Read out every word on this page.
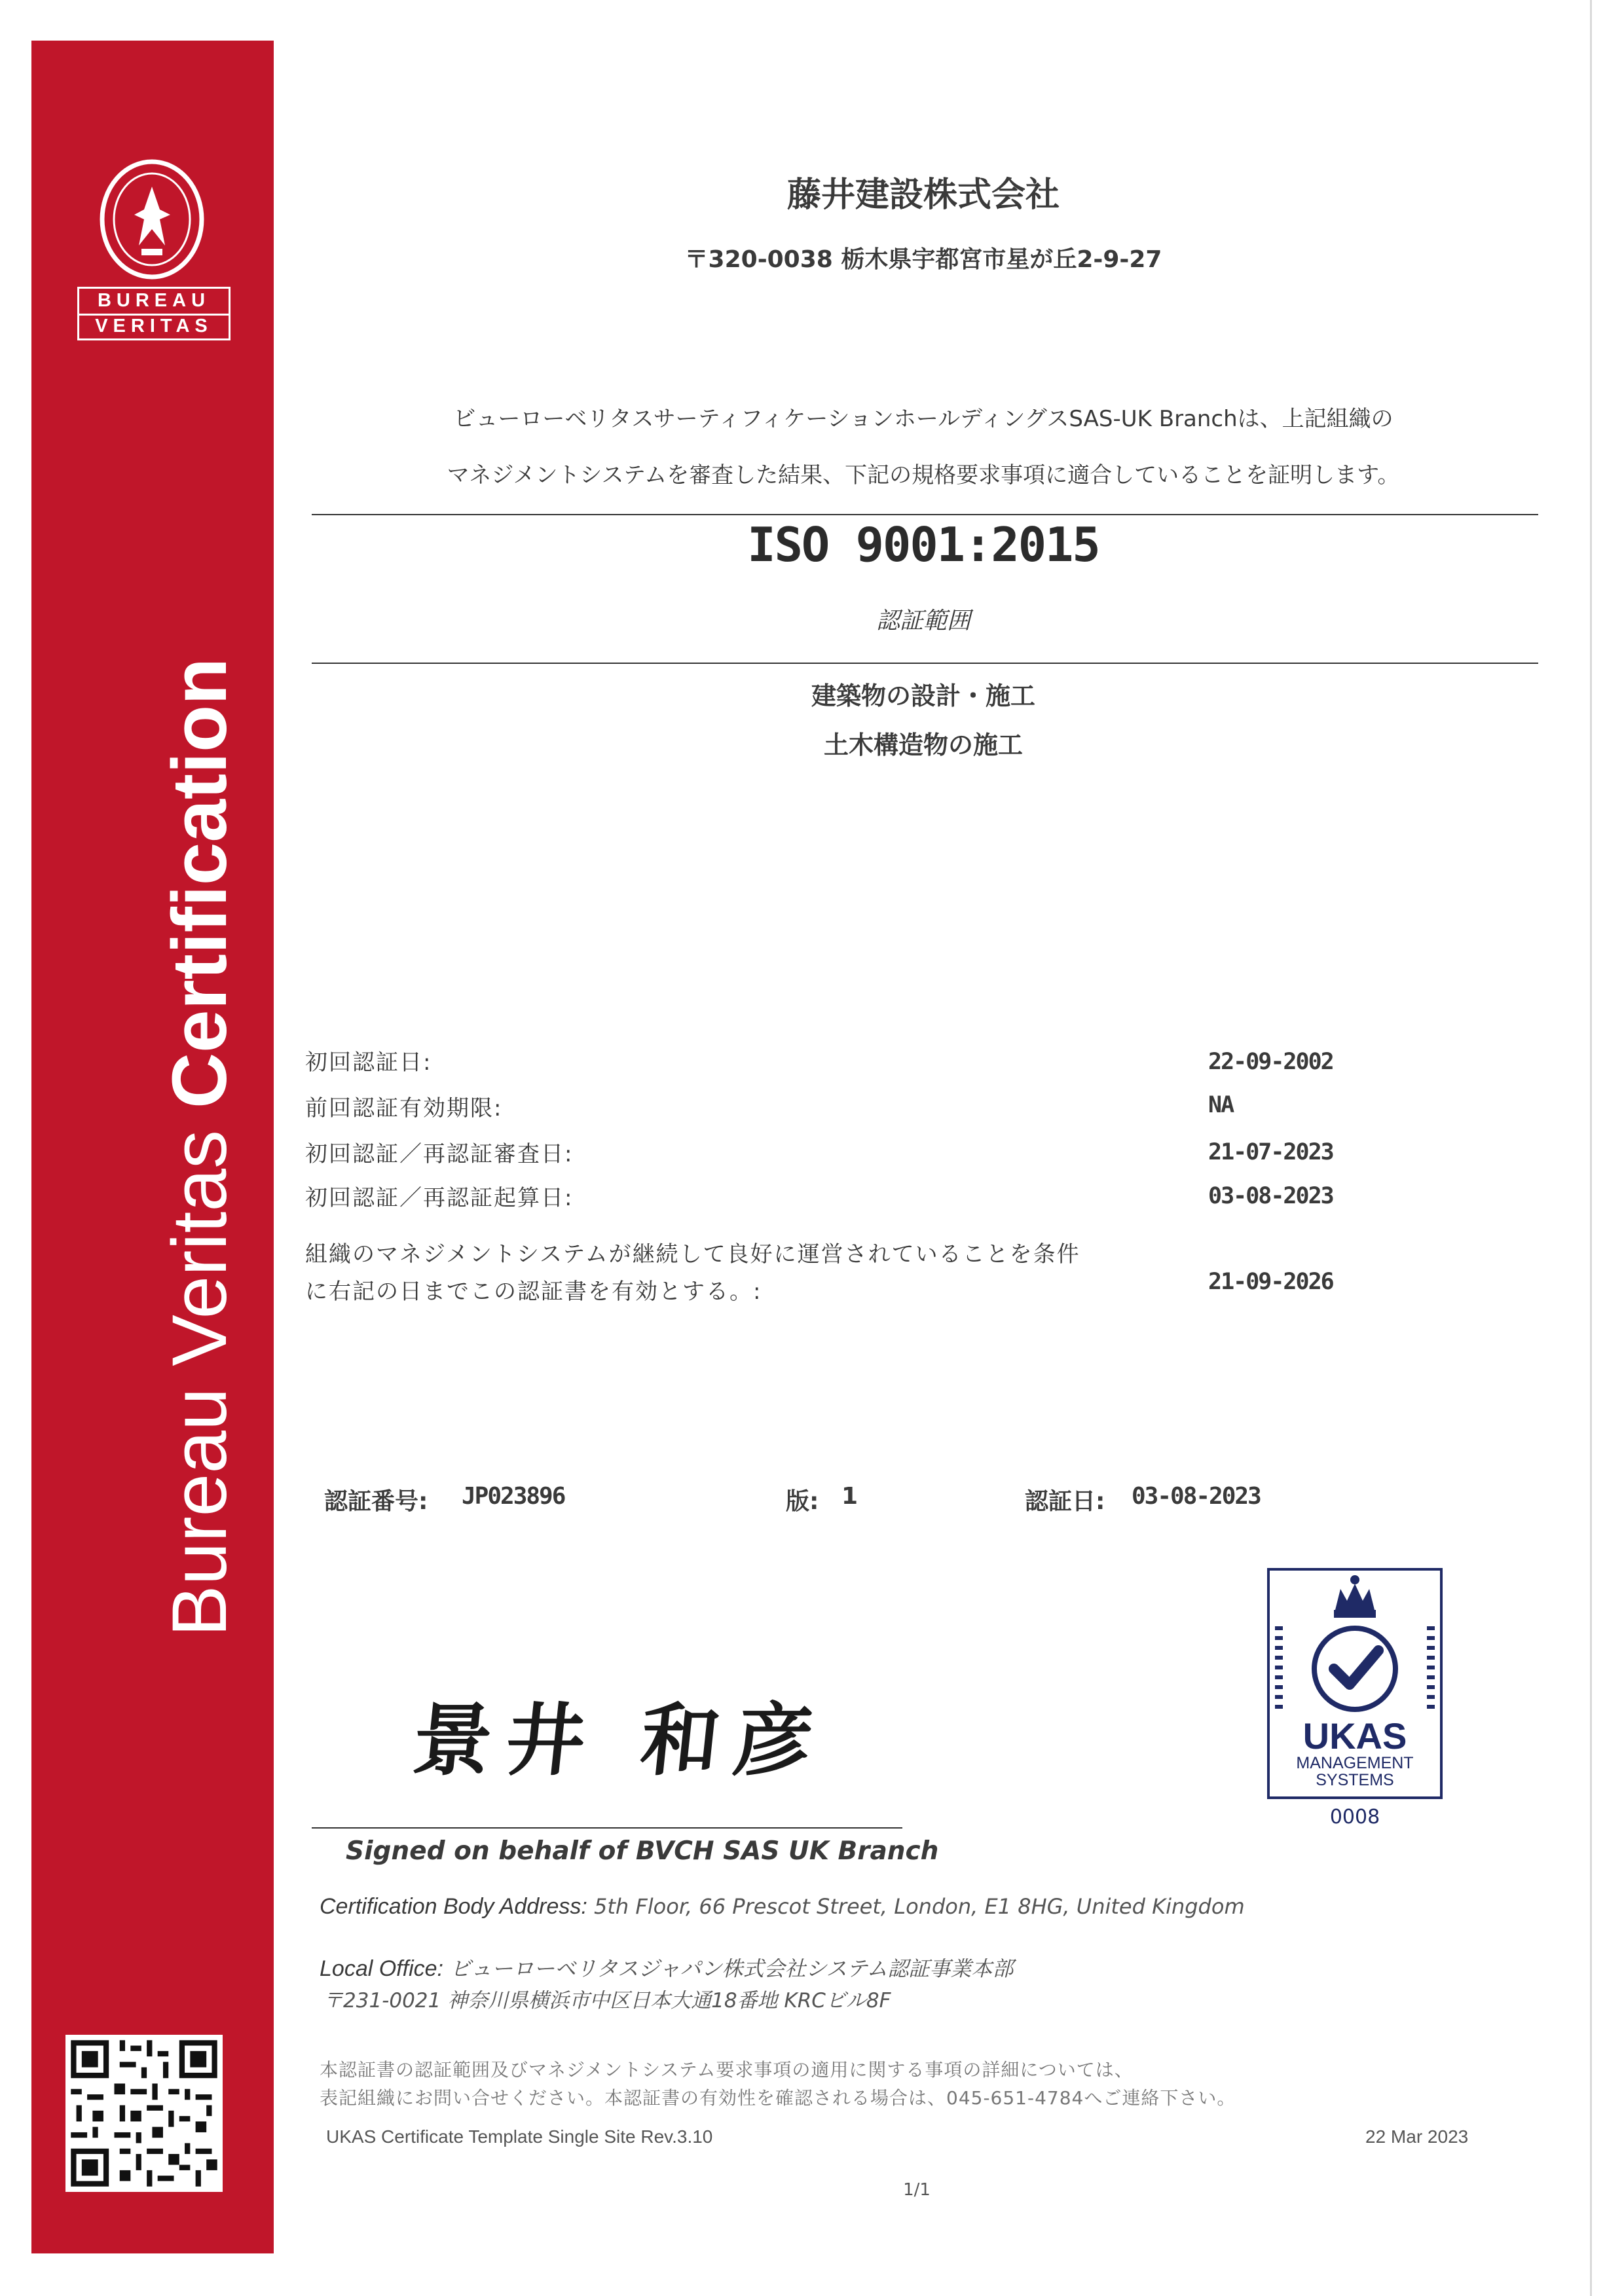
BUREAU
VERITAS
Bureau Veritas Certification
藤井建設株式会社
〒320-0038 栃木県宇都宮市星が丘2-9-27
ビューローベリタスサーティフィケーションホールディングスSAS-UK Branchは、上記組織の
マネジメントシステムを審査した結果、下記の規格要求事項に適合していることを証明します。
ISO 9001:2015
認証範囲
建築物の設計・施工
土木構造物の施工
初回認証日:	22-09-2002
前回認証有効期限:	NA
初回認証／再認証審査日:	21-07-2023
初回認証／再認証起算日:	03-08-2023
組織のマネジメントシステムが継続して良好に運営されていることを条件
に右記の日までこの認証書を有効とする。:	21-09-2026
認証番号: JP023896	版: 1	認証日: 03-08-2023
UKAS
MANAGEMENT
SYSTEMS
0008
景井 和彦
Signed on behalf of BVCH SAS UK Branch
Certification Body Address: 5th Floor, 66 Prescot Street, London, E1 8HG, United Kingdom
Local Office: ビューローベリタスジャパン株式会社システム認証事業本部
〒231-0021 神奈川県横浜市中区日本大通18番地 KRCビル8F
本認証書の認証範囲及びマネジメントシステム要求事項の適用に関する事項の詳細については、
表記組織にお問い合せください。本認証書の有効性を確認される場合は、045-651-4784へご連絡下さい。
UKAS Certificate Template Single Site Rev.3.10	22 Mar 2023
1/1
